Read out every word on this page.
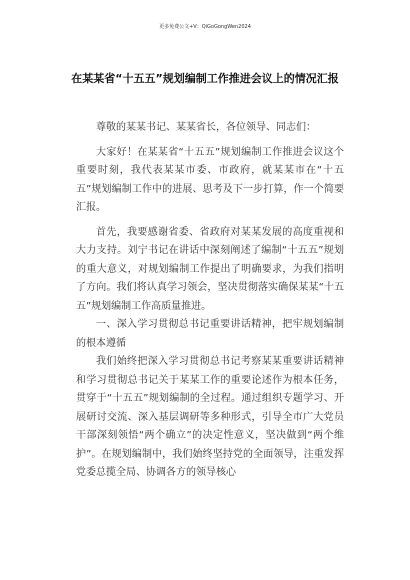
更多免费公文+Ⅴ：QiGoGongWen2024
在某某省“十五五”规划编制工作推进会议上的情况汇报

尊敬的某某书记、某某省长，各位领导、同志们：

大家好！在某某省“十五五”规划编制工作推进会议这个重要时刻，我代表某某市委、市政府，就某某市在“十五五”规划编制工作中的进展、思考及下一步打算，作一个简要汇报。

首先，我要感谢省委、省政府对某某发展的高度重视和大力支持。刘宁书记在讲话中深刻阐述了编制“十五五”规划的重大意义，对规划编制工作提出了明确要求，为我们指明了方向。我们将认真学习领会，坚决贯彻落实确保某某“十五五”规划编制工作高质量推进。

一、深入学习贯彻总书记重要讲话精神，把牢规划编制的根本遵循

我们始终把深入学习贯彻总书记考察某某重要讲话精神和学习贯彻总书记关于某某工作的重要论述作为根本任务，贯穿于“十五五”规划编制的全过程。通过组织专题学习、开展研讨交流、深入基层调研等多种形式，引导全市广大党员干部深刻领悟“两个确立”的决定性意义，坚决做到“两个维护”。在规划编制中，我们始终坚持党的全面领导，注重发挥党委总揽全局、协调各方的领导核心
